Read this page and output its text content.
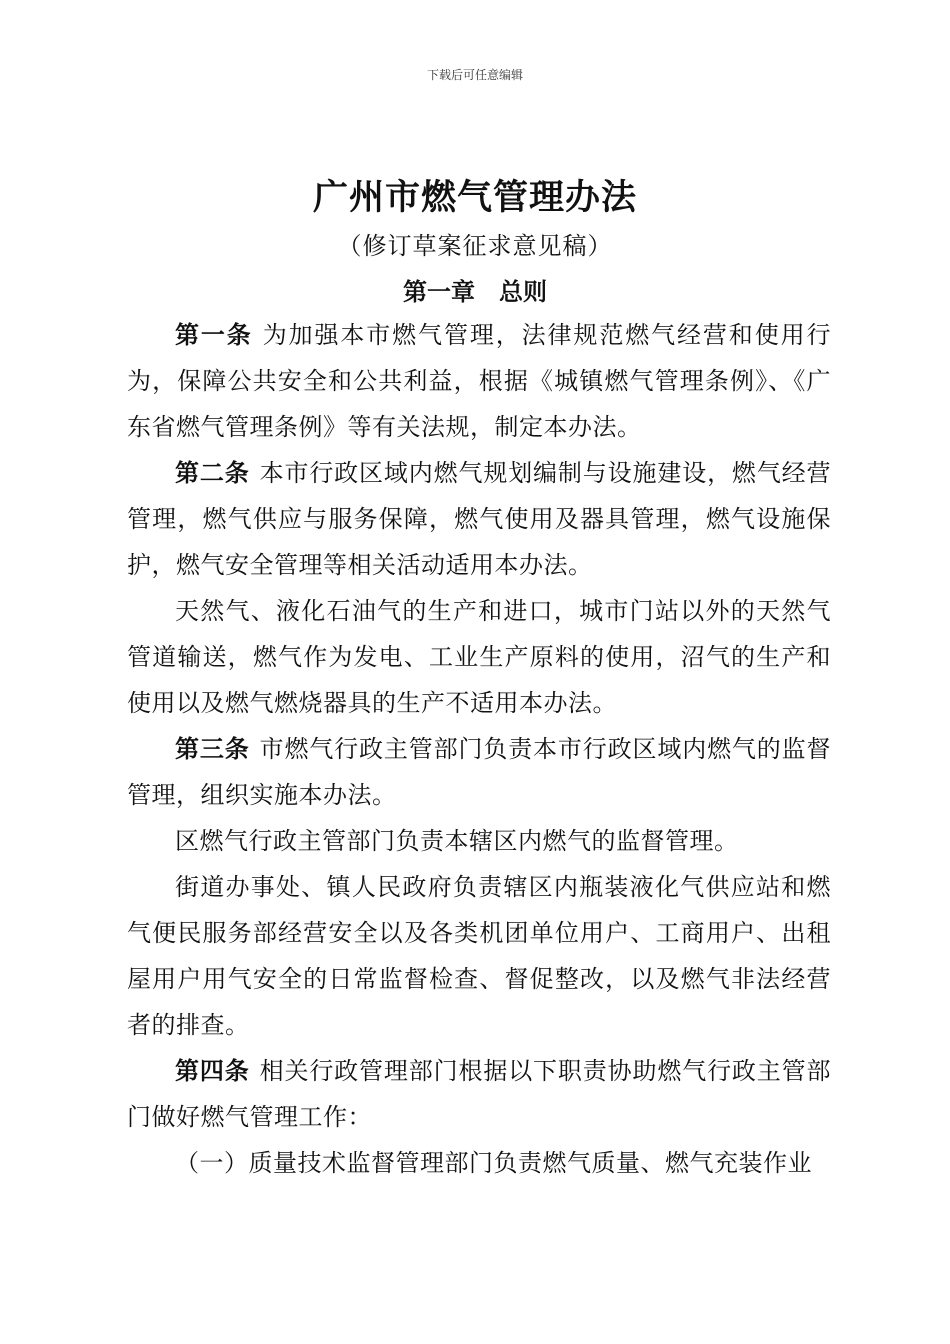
下载后可任意编辑
广州市燃气管理办法
（修订草案征求意见稿）
第一章　总则

第一条 为加强本市燃气管理，法律规范燃气经营和使用行为，保障公共安全和公共利益，根据《城镇燃气管理条例》、《广东省燃气管理条例》等有关法规，制定本办法。

第二条 本市行政区域内燃气规划编制与设施建设，燃气经营管理，燃气供应与服务保障，燃气使用及器具管理，燃气设施保护，燃气安全管理等相关活动适用本办法。

天然气、液化石油气的生产和进口，城市门站以外的天然气管道输送，燃气作为发电、工业生产原料的使用，沼气的生产和使用以及燃气燃烧器具的生产不适用本办法。

第三条 市燃气行政主管部门负责本市行政区域内燃气的监督管理，组织实施本办法。

区燃气行政主管部门负责本辖区内燃气的监督管理。

街道办事处、镇人民政府负责辖区内瓶装液化气供应站和燃气便民服务部经营安全以及各类机团单位用户、工商用户、出租屋用户用气安全的日常监督检查、督促整改，以及燃气非法经营者的排查。

第四条 相关行政管理部门根据以下职责协助燃气行政主管部门做好燃气管理工作：

（一）质量技术监督管理部门负责燃气质量、燃气充装作业
